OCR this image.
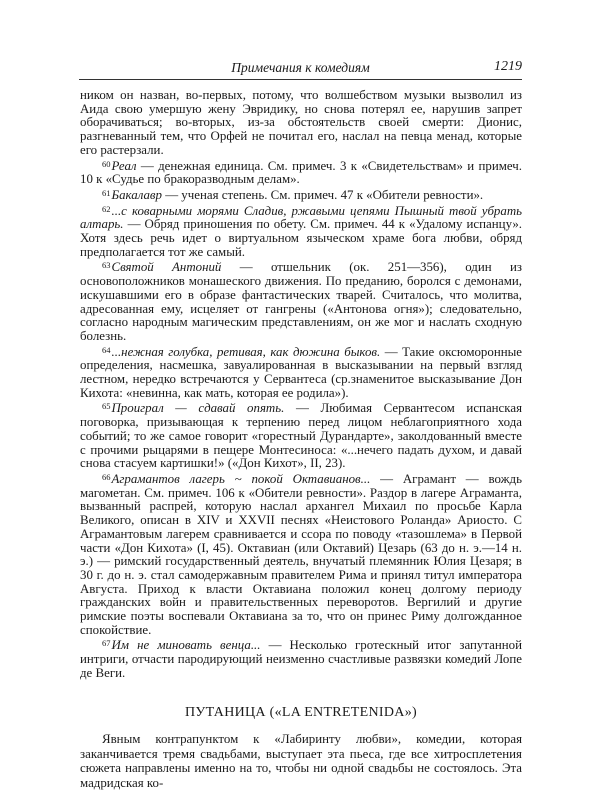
Примечания к комедиям	1219

ником он назван, во-первых, потому, что волшебством музыки вызволил из Аида свою умершую жену Эвридику, но снова потерял ее, нарушив запрет оборачиваться; во-вторых, из-за обстоятельств своей смерти: Дионис, разгневанный тем, что Орфей не почитал его, наслал на певца менад, которые его растерзали.

$^{60}$Реал — денежная единица. См. примеч. 3 к «Свидетельствам» и примеч. 10 к «Судье по бракоразводным делам».

$^{61}$Бакалавр — ученая степень. См. примеч. 47 к «Обители ревности».

$^{62}$...с коварными морями Сладив, ржавыми цепями Пышный твой убрать алтарь. — Обряд приношения по обету. См. примеч. 44 к «Удалому испанцу». Хотя здесь речь идет о виртуальном языческом храме бога любви, обряд предполагается тот же самый.

$^{63}$Святой Антоний — отшельник (ок. 251—356), один из основоположников монашеского движения. По преданию, боролся с демонами, искушавшими его в образе фантастических тварей. Считалось, что молитва, адресованная ему, исцеляет от гангрены («Антонова огня»); следовательно, согласно народным магическим представлениям, он же мог и наслать сходную болезнь.

$^{64}$...нежная голубка, ретивая, как дюжина быков. — Такие оксюморонные определения, насмешка, завуалированная в высказывании на первый взгляд лестном, нередко встречаются у Сервантеса (ср.знаменитое высказывание Дон Кихота: «невинна, как мать, которая ее родила»).

$^{65}$Проиграл — сдавай опять. — Любимая Сервантесом испанская поговорка, призывающая к терпению перед лицом неблагоприятного хода событий; то же самое говорит «горестный Дурандарте», заколдованный вместе с прочими рыцарями в пещере Монтесиноса: «...нечего падать духом, и давай снова стасуем картишки!» («Дон Кихот», II, 23).

$^{66}$Аграмантов лагерь ~ покой Октавианов... — Аграмант — вождь магометан. См. примеч. 106 к «Обители ревности». Раздор в лагере Аграманта, вызванный распрей, которую наслал архангел Михаил по просьбе Карла Великого, описан в XIV и XXVII песнях «Неистового Роланда» Ариосто. С Аграмантовым лагерем сравнивается и ссора по поводу «тазошлема» в Первой части «Дон Кихота» (I, 45). Октавиан (или Октавий) Цезарь (63 до н. э.—14 н. э.) — римский государственный деятель, внучатый племянник Юлия Цезаря; в 30 г. до н. э. стал самодержавным правителем Рима и принял титул императора Августа. Приход к власти Октавиана положил конец долгому периоду гражданских войн и правительственных переворотов. Вергилий и другие римские поэты воспевали Октавиана за то, что он принес Риму долгожданное спокойствие.

$^{67}$Им не миновать венца... — Несколько гротескный итог запутанной интриги, отчасти пародирующий неизменно счастливые развязки комедий Лопе де Веги.

ПУТАНИЦА («LA ENTRETENIDA»)

Явным контрапунктом к «Лабиринту любви», комедии, которая заканчивается тремя свадьбами, выступает эта пьеса, где все хитросплетения сюжета направлены именно на то, чтобы ни одной свадьбы не состоялось. Эта мадридская ко-
